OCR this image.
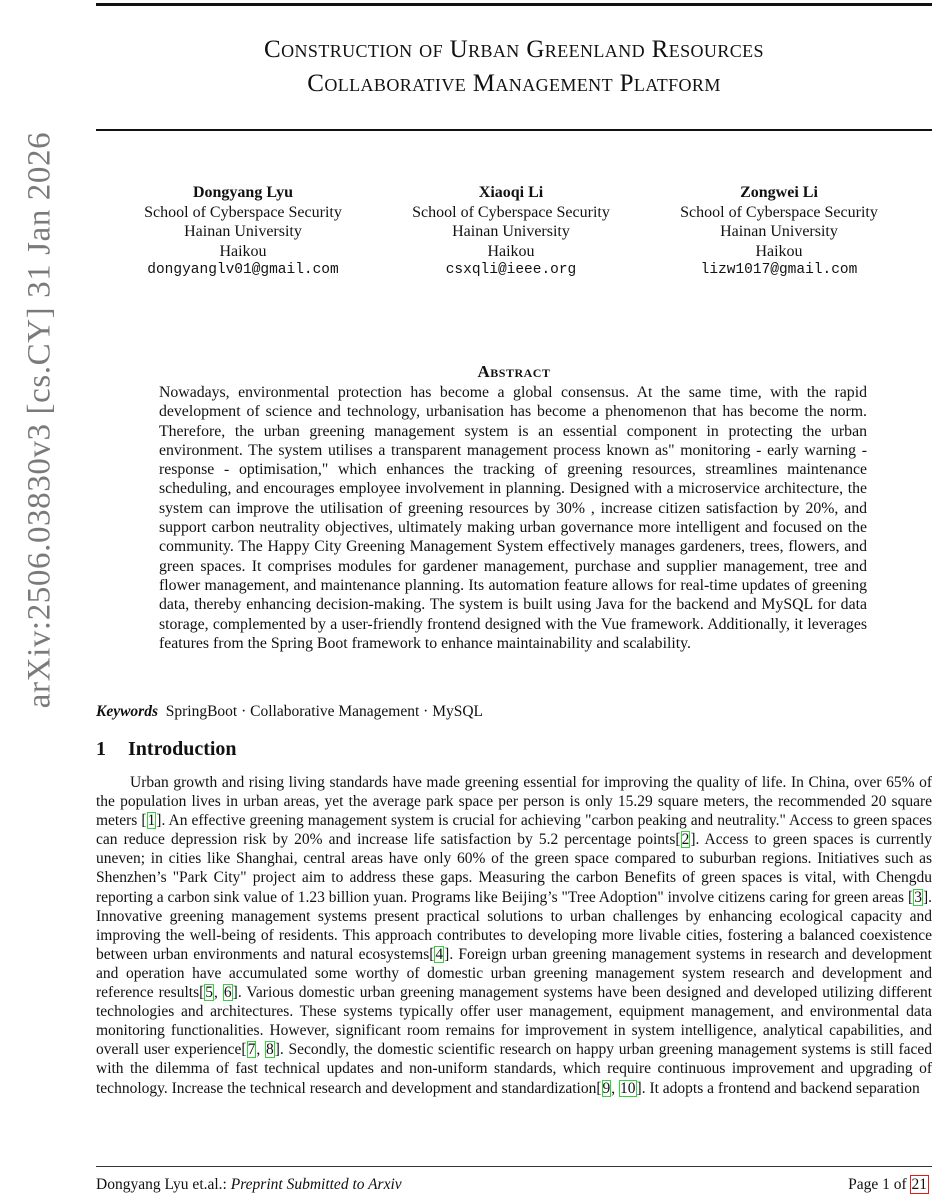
Construction of Urban Greenland Resources
Collaborative Management Platform
Dongyang Lyu
School of Cyberspace Security
Hainan University
Haikou
dongyanglv01@gmail.com
Xiaoqi Li
School of Cyberspace Security
Hainan University
Haikou
csxqli@ieee.org
Zongwei Li
School of Cyberspace Security
Hainan University
Haikou
lizw1017@gmail.com
arXiv:2506.03830v3 [cs.CY] 31 Jan 2026	Abstract

Nowadays, environmental protection has become a global consensus. At the same time, with the rapid development of science and technology, urbanisation has become a phenomenon that has become the norm. Therefore, the urban greening management system is an essential component in protecting the urban environment. The system utilises a transparent management process known as" monitoring - early warning - response - optimisation," which enhances the tracking of greening resources, streamlines maintenance scheduling, and encourages employee involvement in planning. Designed with a microservice architecture, the system can improve the utilisation of greening resources by 30% , increase citizen satisfaction by 20%, and support carbon neutrality objectives, ultimately making urban governance more intelligent and focused on the community. The Happy City Greening Management System effectively manages gardeners, trees, flowers, and green spaces. It comprises modules for gardener management, purchase and supplier management, tree and flower management, and maintenance planning. Its automation feature allows for real-time updates of greening data, thereby enhancing decision-making. The system is built using Java for the backend and MySQL for data storage, complemented by a user-friendly frontend designed with the Vue framework. Additionally, it leverages features from the Spring Boot framework to enhance maintainability and scalability.

Keywords SpringBoot · Collaborative Management · MySQL

1 Introduction

Urban growth and rising living standards have made greening essential for improving the quality of life. In China, over 65% of the population lives in urban areas, yet the average park space per person is only 15.29 square meters, the recommended 20 square meters [1]. An effective greening management system is crucial for achieving "carbon peaking and neutrality." Access to green spaces can reduce depression risk by 20% and increase life satisfaction by 5.2 percentage points[2]. Access to green spaces is currently uneven; in cities like Shanghai, central areas have only 60% of the green space compared to suburban regions. Initiatives such as Shenzhen’s "Park City" project aim to address these gaps. Measuring the carbon Benefits of green spaces is vital, with Chengdu reporting a carbon sink value of 1.23 billion yuan. Programs like Beijing’s "Tree Adoption" involve citizens caring for green areas [3]. Innovative greening management systems present practical solutions to urban challenges by enhancing ecological capacity and improving the well-being of residents. This approach contributes to developing more livable cities, fostering a balanced coexistence between urban environments and natural ecosystems[4]. Foreign urban greening management systems in research and development and operation have accumulated some worthy of domestic urban greening management system research and development and reference results[5, 6]. Various domestic urban greening management systems have been designed and developed utilizing different technologies and architectures. These systems typically offer user management, equipment management, and environmental data monitoring functionalities. However, significant room remains for improvement in system intelligence, analytical capabilities, and overall user experience[7, 8]. Secondly, the domestic scientific research on happy urban greening management systems is still faced with the dilemma of fast technical updates and non-uniform standards, which require continuous improvement and upgrading of technology. Increase the technical research and development and standardization[9, 10]. It adopts a frontend and backend separation

Dongyang Lyu et.al.: Preprint Submitted to Arxiv	Page 1 of 21
